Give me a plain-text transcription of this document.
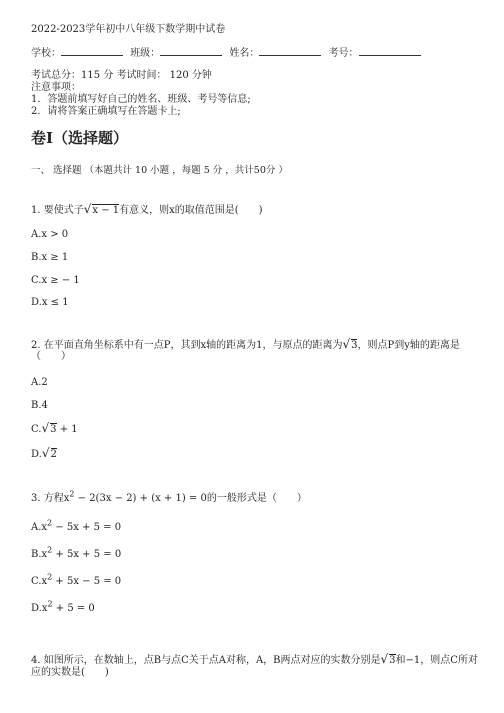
2022-2023学年初中八年级下数学期中试卷
学校：	班级：	姓名：	考号：
考试总分：115 分 考试时间： 120 分钟
注意事项：
1．答题前填写好自己的姓名、班级、考号等信息;
2．请将答案正确填写在答题卡上;
卷I（选择题）
一、 选择题 （本题共计 10 小题 ，每题 5 分 ，共计50分 ）
1. 要使式子√x − 1有意义，则x的取值范围是(　　)
A.x > 0
B.x ≥ 1
C.x ≥ − 1
D.x ≤ 1
2. 在平面直角坐标系中有一点P，其到x轴的距离为1，与原点的距离为√3，则点P到y轴的距离是
（　　）
A.2
B.4
C.√3 + 1
D.√2
3. 方程$x^2 - 2(3x - 2) + (x + 1) = 0$的一般形式是（　　）
$A.x^2 - 5x + 5 = 0$
$B.x^2 + 5x + 5 = 0$
$C.x^2 + 5x - 5 = 0$
$D.x^2 + 5 = 0$
4. 如图所示，在数轴上，点B与点C关于点A对称，A，B两点对应的实数分别是√3和−1，则点C所对
应的实数是(　　)
